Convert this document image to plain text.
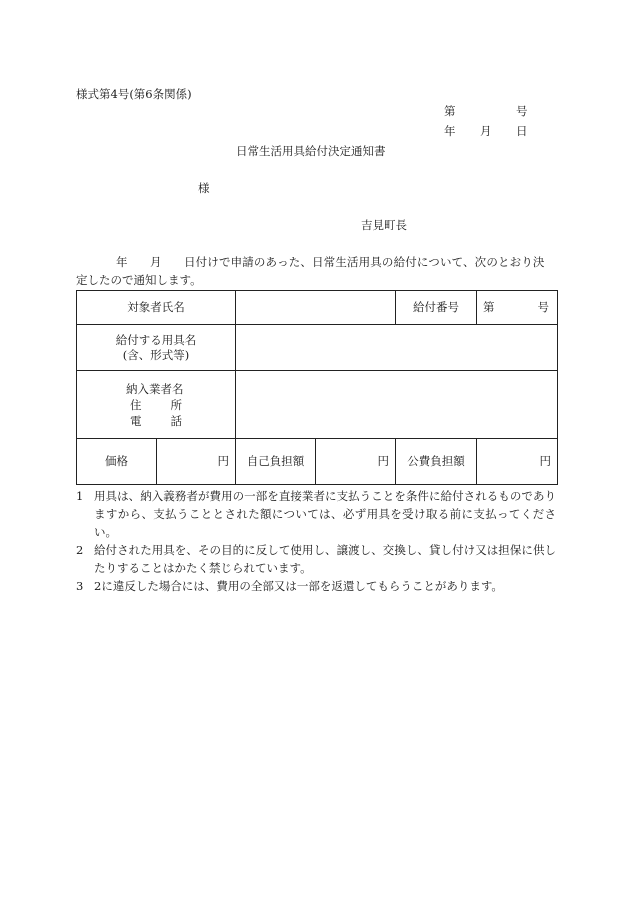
様式第4号(第6条関係)
第	号
年 月 日
日常生活用具給付決定通知書
様
吉見町長
年 月 日付けで申請のあった、日常生活用具の給付について、次のとおり決
定したので通知します。
対象者氏名				給付番号	第 号

給付する用具名
(含、形式等)					

納入業者名
住 所
電 話					

価格	円	自己負担額	円	公費負担額	円
1 用具は、納入義務者が費用の一部を直接業者に支払うことを条件に給付されるものでありますから、支払うこととされた額については、必ず用具を受け取る前に支払ってください。
2 給付された用具を、その目的に反して使用し、譲渡し、交換し、貸し付け又は担保に供したりすることはかたく禁じられています。
3 2に違反した場合には、費用の全部又は一部を返還してもらうことがあります。
